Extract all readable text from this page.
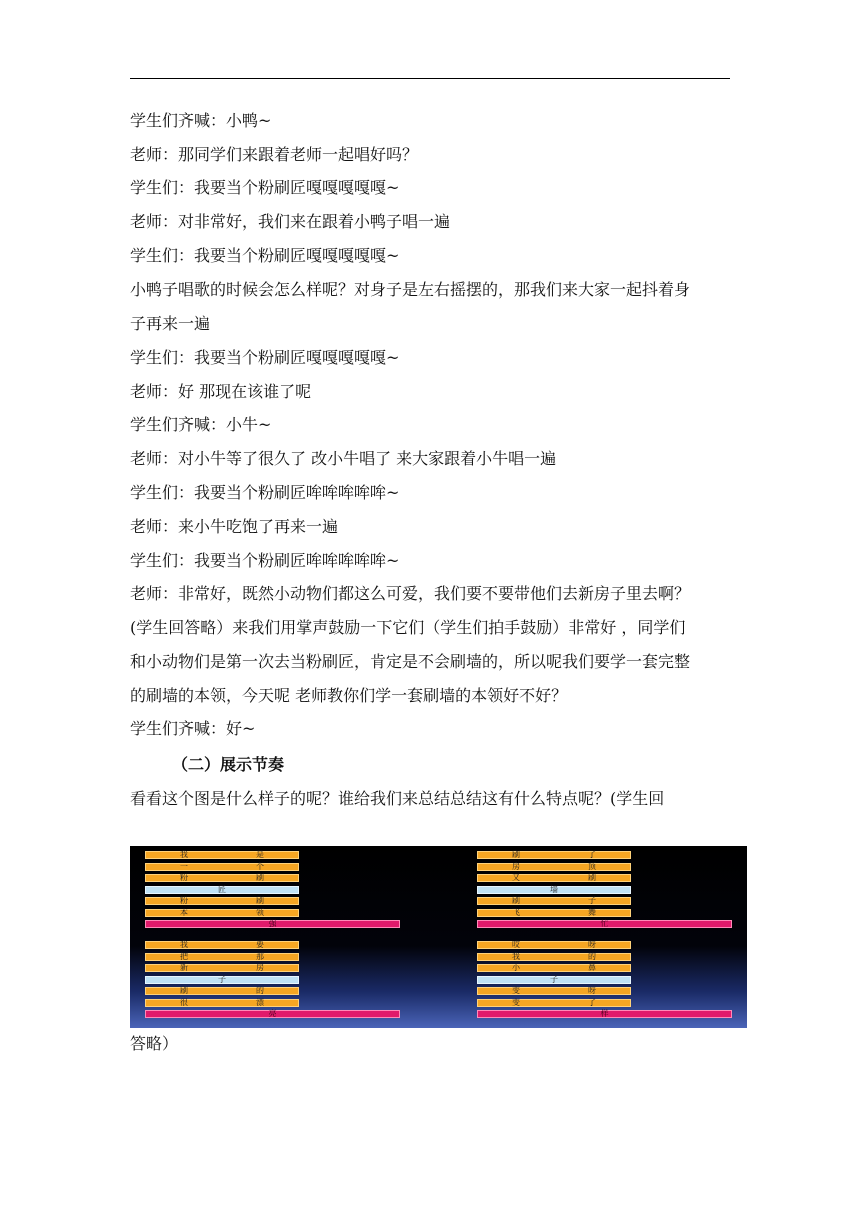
学生们齐喊：小鸭~
老师：那同学们来跟着老师一起唱好吗？
学生们：我要当个粉刷匠嘎嘎嘎嘎嘎~
老师：对非常好，我们来在跟着小鸭子唱一遍
学生们：我要当个粉刷匠嘎嘎嘎嘎嘎~
小鸭子唱歌的时候会怎么样呢？对身子是左右摇摆的，那我们来大家一起抖着身
子再来一遍
学生们：我要当个粉刷匠嘎嘎嘎嘎嘎~
老师：好 那现在该谁了呢
学生们齐喊：小牛~
老师：对小牛等了很久了 改小牛唱了 来大家跟着小牛唱一遍
学生们：我要当个粉刷匠哞哞哞哞哞~
老师：来小牛吃饱了再来一遍
学生们：我要当个粉刷匠哞哞哞哞哞~
老师：非常好，既然小动物们都这么可爱，我们要不要带他们去新房子里去啊？
(学生回答略）来我们用掌声鼓励一下它们（学生们拍手鼓励）非常好 ，同学们
和小动物们是第一次去当粉刷匠，肯定是不会刷墙的，所以呢我们要学一套完整
的刷墙的本领，今天呢 老师教你们学一套刷墙的本领好不好？
学生们齐喊：好~
（二）展示节奏
看看这个图是什么样子的呢？谁给我们来总结总结这有什么特点呢？(学生回
我	是
一	个
粉	刷
匠
粉	刷
本	领
强
刷	了
房	顶
又	刷
墙
刷	子
飞	舞
忙
我	要
把	那
新	房
子
刷	的
很	漂
亮
哎	呀
我	的
小	鼻
子
变	呀
变	了
样
答略）
